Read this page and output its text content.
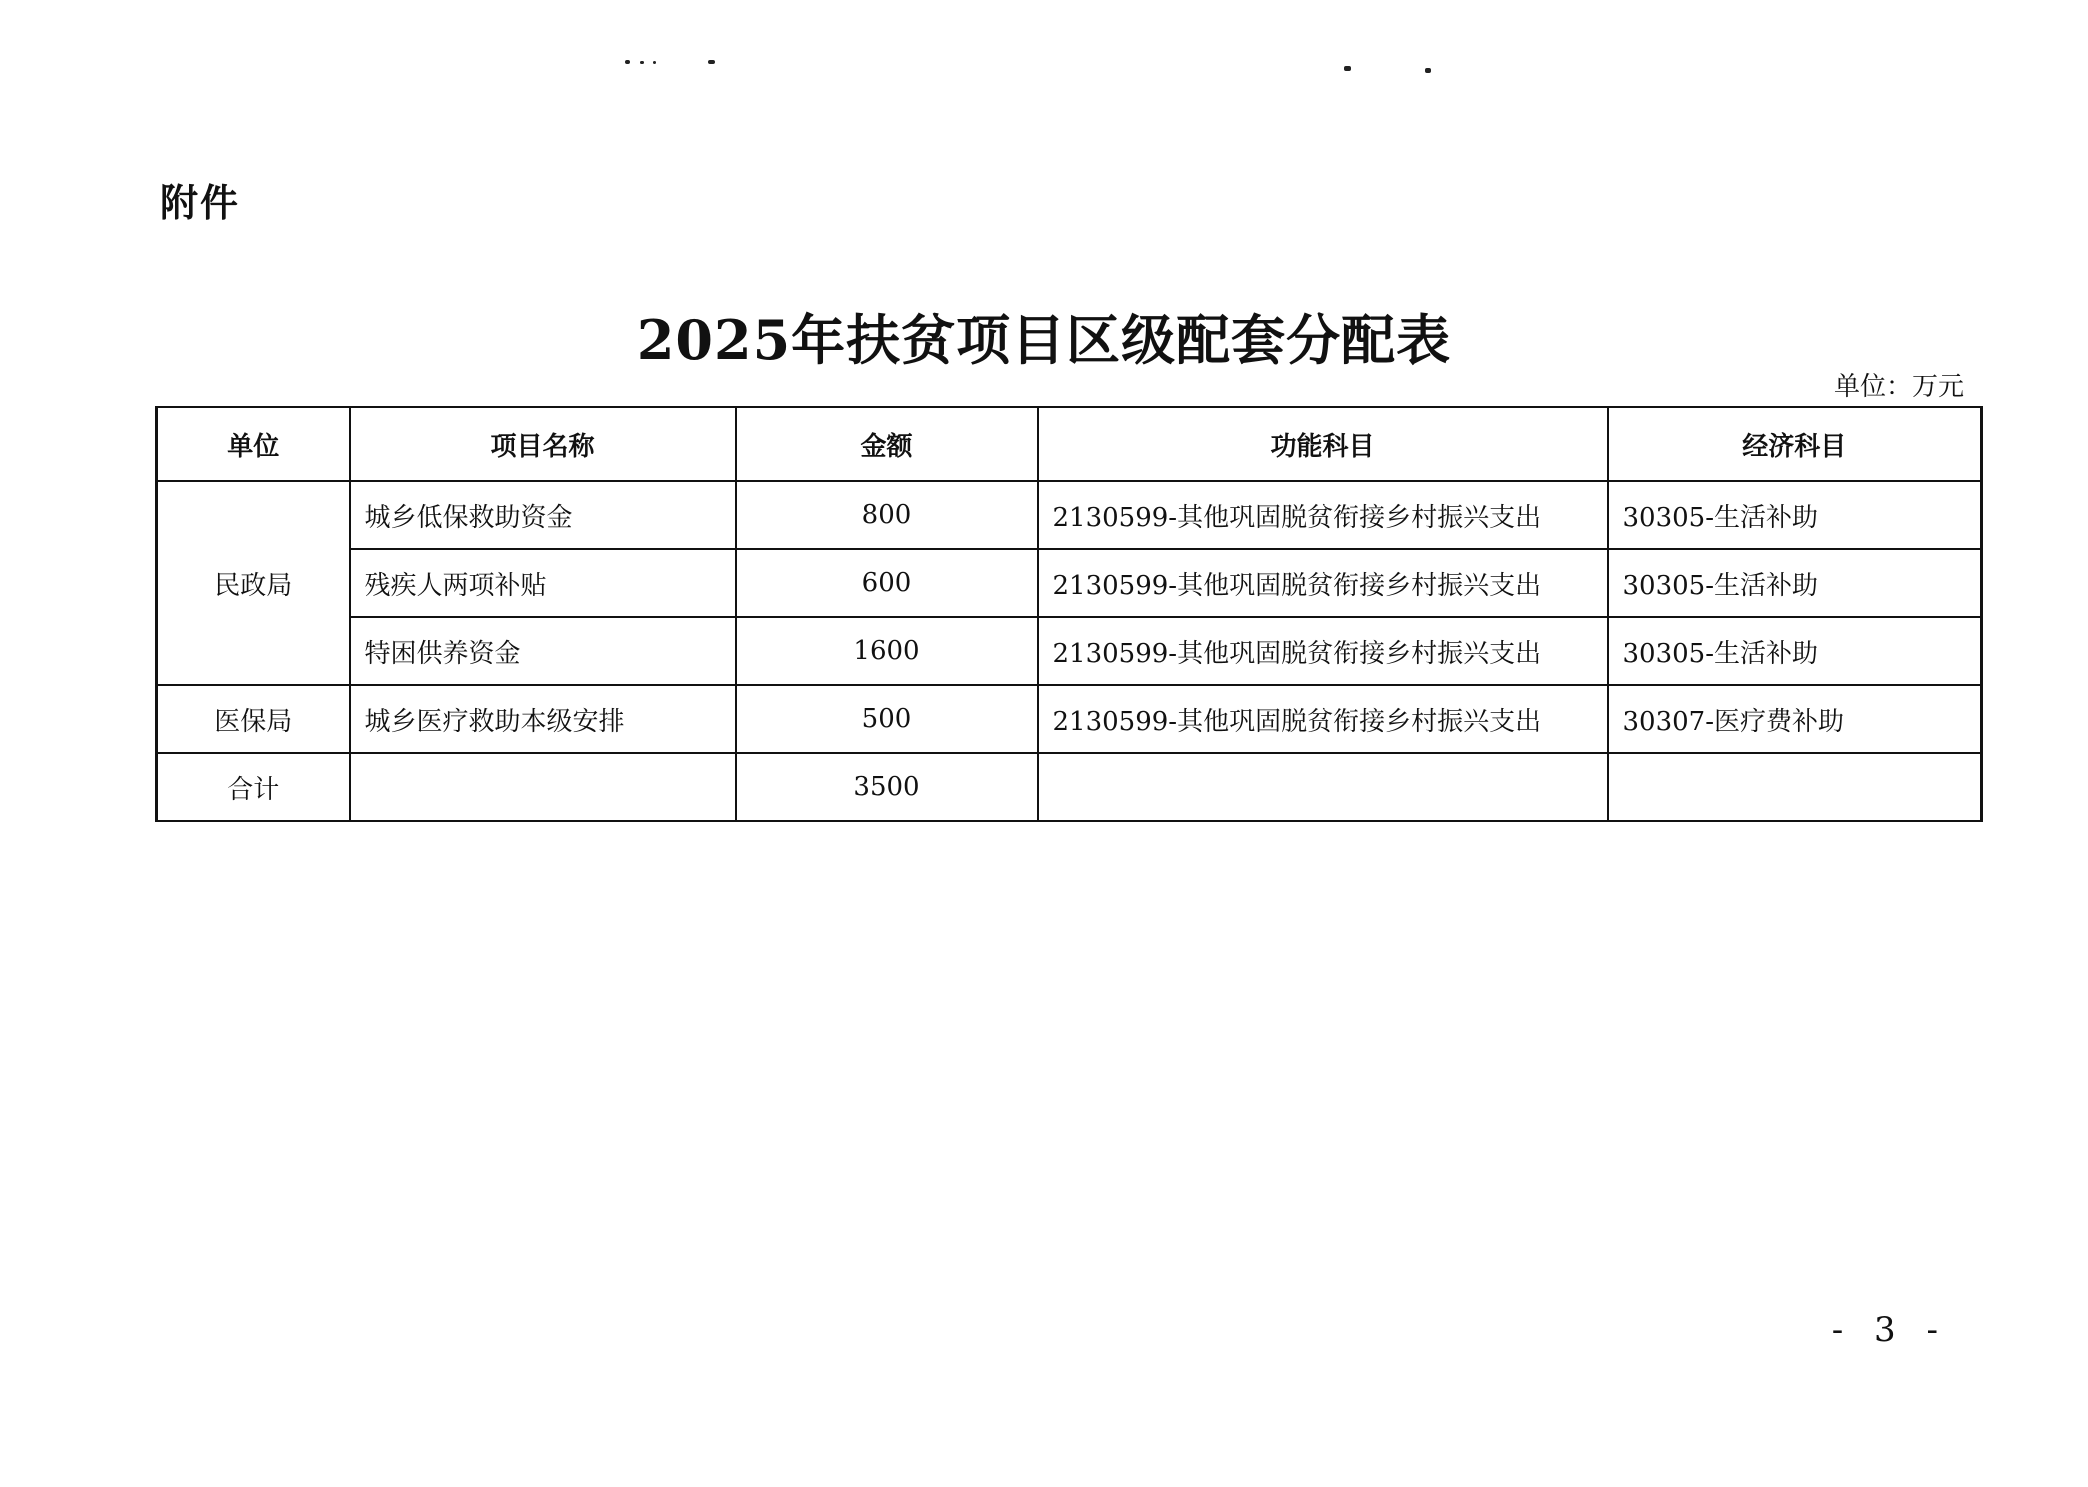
附件
2025年扶贫项目区级配套分配表
单位：万元
单位	项目名称	金额	功能科目	经济科目
民政局	城乡低保救助资金	800	2130599-其他巩固脱贫衔接乡村振兴支出	30305-生活补助
	残疾人两项补贴	600	2130599-其他巩固脱贫衔接乡村振兴支出	30305-生活补助
	特困供养资金	1600	2130599-其他巩固脱贫衔接乡村振兴支出	30305-生活补助
医保局	城乡医疗救助本级安排	500	2130599-其他巩固脱贫衔接乡村振兴支出	30307-医疗费补助
合计		3500		
- 3 -
